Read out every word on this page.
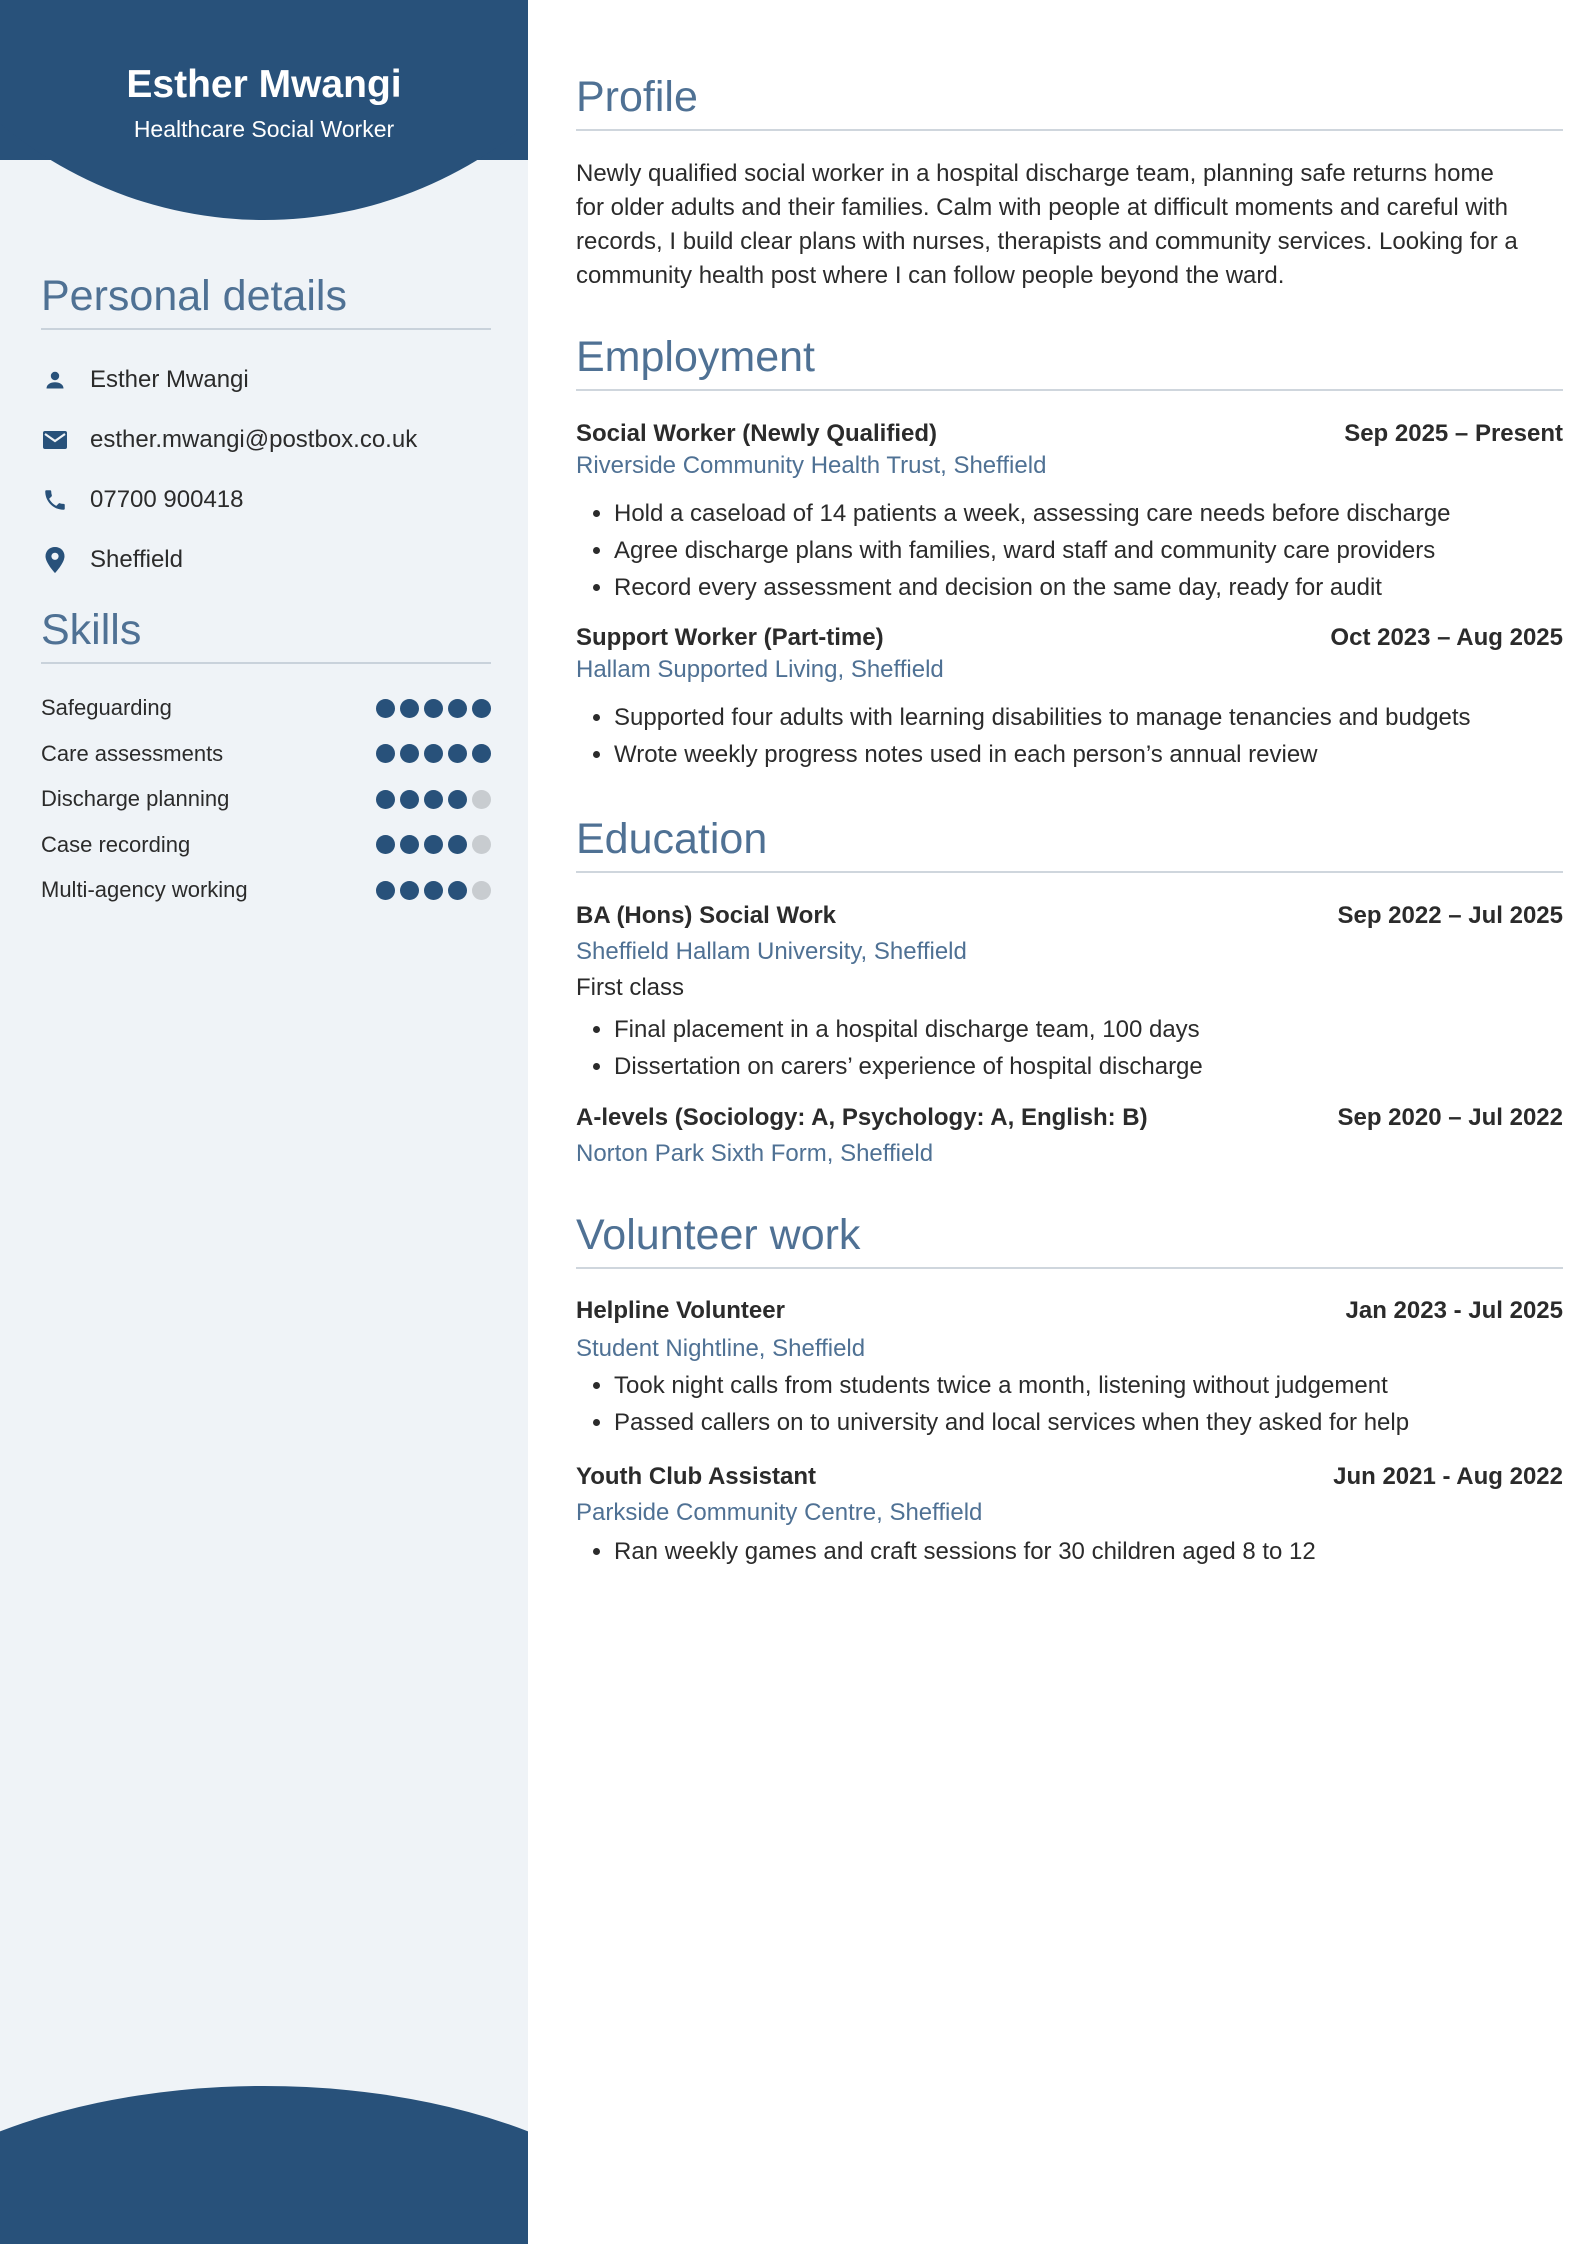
Esther Mwangi
Healthcare Social Worker
Personal details
Esther Mwangi
esther.mwangi@postbox.co.uk
07700 900418
Sheffield
Skills
Safeguarding
Care assessments
Discharge planning
Case recording
Multi-agency working
Profile
Newly qualified social worker in a hospital discharge team, planning safe returns home
for older adults and their families. Calm with people at difficult moments and careful with
records, I build clear plans with nurses, therapists and community services. Looking for a
community health post where I can follow people beyond the ward.
Employment
Social Worker (Newly Qualified)	Sep 2025 – Present
Riverside Community Health Trust, Sheffield
• Hold a caseload of 14 patients a week, assessing care needs before discharge
• Agree discharge plans with families, ward staff and community care providers
• Record every assessment and decision on the same day, ready for audit
Support Worker (Part-time)	Oct 2023 – Aug 2025
Hallam Supported Living, Sheffield
• Supported four adults with learning disabilities to manage tenancies and budgets
• Wrote weekly progress notes used in each person’s annual review
Education
BA (Hons) Social Work	Sep 2022 – Jul 2025
Sheffield Hallam University, Sheffield
First class
• Final placement in a hospital discharge team, 100 days
• Dissertation on carers’ experience of hospital discharge
A-levels (Sociology: A, Psychology: A, English: B)	Sep 2020 – Jul 2022
Norton Park Sixth Form, Sheffield
Volunteer work
Helpline Volunteer	Jan 2023 - Jul 2025
Student Nightline, Sheffield
• Took night calls from students twice a month, listening without judgement
• Passed callers on to university and local services when they asked for help
Youth Club Assistant	Jun 2021 - Aug 2022
Parkside Community Centre, Sheffield
• Ran weekly games and craft sessions for 30 children aged 8 to 12
